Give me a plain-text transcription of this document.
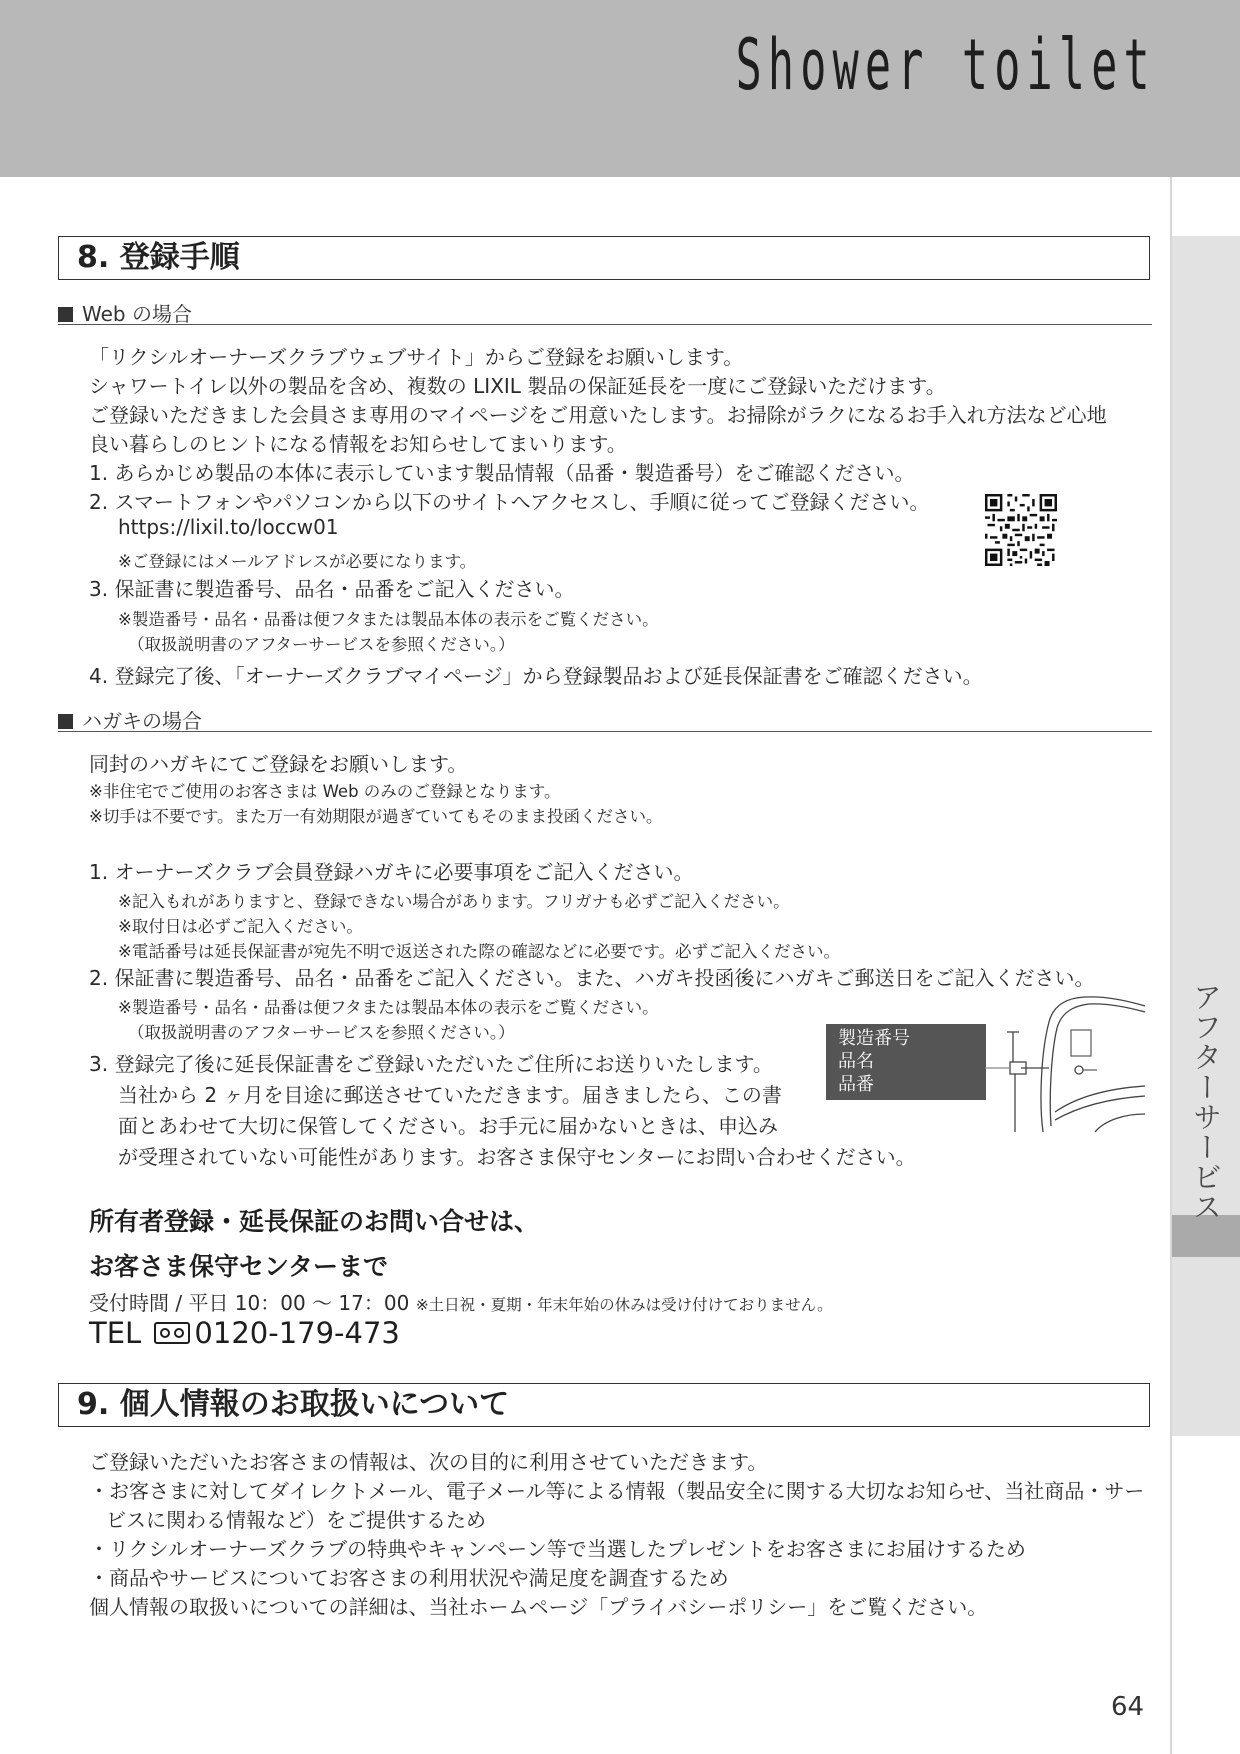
Shower toilet
アフターサービス
8. 登録手順
Web の場合
「リクシルオーナーズクラブウェブサイト」からご登録をお願いします。
シャワートイレ以外の製品を含め、複数の LIXIL 製品の保証延長を一度にご登録いただけます。
ご登録いただきました会員さま専用のマイページをご用意いたします。お掃除がラクになるお手入れ方法など心地
良い暮らしのヒントになる情報をお知らせしてまいります。
1. あらかじめ製品の本体に表示しています製品情報（品番・製造番号）をご確認ください。
2. スマートフォンやパソコンから以下のサイトへアクセスし、手順に従ってご登録ください。
https://lixil.to/loccw01
※ご登録にはメールアドレスが必要になります。
3. 保証書に製造番号、品名・品番をご記入ください。
※製造番号・品名・品番は便フタまたは製品本体の表示をご覧ください。
（取扱説明書のアフターサービスを参照ください。）
4. 登録完了後、「オーナーズクラブマイページ」から登録製品および延長保証書をご確認ください。
ハガキの場合
同封のハガキにてご登録をお願いします。
※非住宅でご使用のお客さまは Web のみのご登録となります。
※切手は不要です。また万一有効期限が過ぎていてもそのまま投函ください。
1. オーナーズクラブ会員登録ハガキに必要事項をご記入ください。
※記入もれがありますと、登録できない場合があります。フリガナも必ずご記入ください。
※取付日は必ずご記入ください。
※電話番号は延長保証書が宛先不明で返送された際の確認などに必要です。必ずご記入ください。
2. 保証書に製造番号、品名・品番をご記入ください。また、ハガキ投函後にハガキご郵送日をご記入ください。
※製造番号・品名・品番は便フタまたは製品本体の表示をご覧ください。
（取扱説明書のアフターサービスを参照ください。）
3. 登録完了後に延長保証書をご登録いただいたご住所にお送りいたします。
当社から 2 ヶ月を目途に郵送させていただきます。届きましたら、この書
面とあわせて大切に保管してください。お手元に届かないときは、申込み
が受理されていない可能性があります。お客さま保守センターにお問い合わせください。
製造番号
品名
品番
所有者登録・延長保証のお問い合せは、
お客さま保守センターまで
受付時間 / 平日 10：00 ～ 17：00 ※土日祝・夏期・年末年始の休みは受け付けておりません。
TEL 0120-179-473
9. 個人情報のお取扱いについて
ご登録いただいたお客さまの情報は、次の目的に利用させていただきます。
・お客さまに対してダイレクトメール、電子メール等による情報（製品安全に関する大切なお知らせ、当社商品・サー
ビスに関わる情報など）をご提供するため
・リクシルオーナーズクラブの特典やキャンペーン等で当選したプレゼントをお客さまにお届けするため
・商品やサービスについてお客さまの利用状況や満足度を調査するため
個人情報の取扱いについての詳細は、当社ホームページ「プライバシーポリシー」をご覧ください。
64
